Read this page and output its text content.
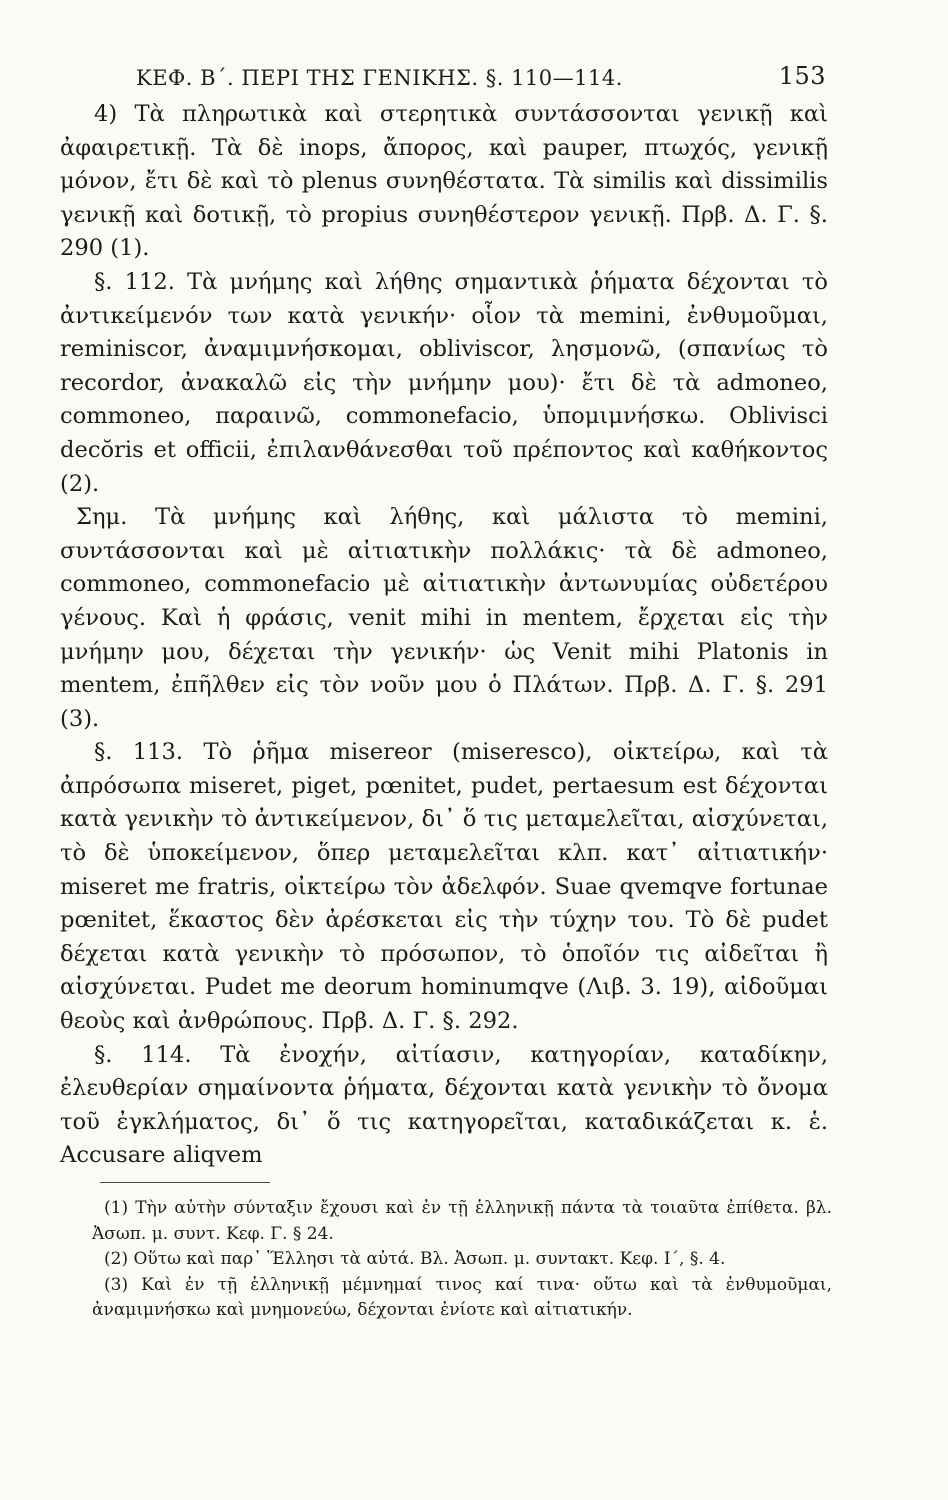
ΚΕΦ. Β΄. ΠΕΡΙ ΤΗΣ ΓΕΝΙΚΗΣ. §. 110—114.	153

4) Τὰ πληρωτικὰ καὶ στερητικὰ συντάσσονται γενικῇ καὶ ἀφαιρετικῇ. Τὰ δὲ inops, ἄπορος, καὶ pauper, πτωχός, γενικῇ μόνον, ἔτι δὲ καὶ τὸ plenus συνηθέστατα. Τὰ similis καὶ dissimilis γενικῇ καὶ δοτικῇ, τὸ propius συνηθέστερον γενικῇ. Πρβ. Δ. Γ. §. 290 (1).

§. 112. Τὰ μνήμης καὶ λήθης σημαντικὰ ῥήματα δέχονται τὸ ἀντικείμενόν των κατὰ γενικήν· οἷον τὰ memini, ἐνθυμοῦμαι, reminiscor, ἀναμιμνήσκομαι, obliviscor, λησμονῶ, (σπανίως τὸ recordor, ἀνακαλῶ εἰς τὴν μνήμην μου)· ἔτι δὲ τὰ admoneo, commoneo, παραινῶ, commonefacio, ὑπομιμνήσκω. Oblivisci decŏris et officii, ἐπιλανθάνεσθαι τοῦ πρέποντος καὶ καθήκοντος (2).

Σημ. Τὰ μνήμης καὶ λήθης, καὶ μάλιστα τὸ memini, συντάσσονται καὶ μὲ αἰτιατικὴν πολλάκις· τὰ δὲ admoneo, commoneo, commonefacio μὲ αἰτιατικὴν ἀντωνυμίας οὐδετέρου γένους. Καὶ ἡ φράσις, venit mihi in mentem, ἔρχεται εἰς τὴν μνήμην μου, δέχεται τὴν γενικήν· ὡς Venit mihi Platonis in mentem, ἐπῆλθεν εἰς τὸν νοῦν μου ὁ Πλάτων. Πρβ. Δ. Γ. §. 291 (3).

§. 113. Τὸ ῥῆμα misereor (miseresco), οἰκτείρω, καὶ τὰ ἀπρόσωπα miseret, piget, pœnitet, pudet, pertaesum est δέχονται κατὰ γενικὴν τὸ ἀντικείμενον, δι᾿ ὅ τις μεταμελεῖται, αἰσχύνεται, τὸ δὲ ὑποκείμενον, ὅπερ μεταμελεῖται κλπ. κατ᾿ αἰτιατικήν· miseret me fratris, οἰκτείρω τὸν ἀδελφόν. Suae qvemqve fortunae pœnitet, ἕκαστος δὲν ἀρέσκεται εἰς τὴν τύχην του. Τὸ δὲ pudet δέχεται κατὰ γενικὴν τὸ πρόσωπον, τὸ ὁποῖόν τις αἰδεῖται ἢ αἰσχύνεται. Pudet me deorum hominumqve (Λιβ. 3. 19), αἰδοῦμαι θεοὺς καὶ ἀνθρώπους. Πρβ. Δ. Γ. §. 292.

§. 114. Τὰ ἐνοχήν, αἰτίασιν, κατηγορίαν, καταδίκην, ἐλευθερίαν σημαίνοντα ῥήματα, δέχονται κατὰ γενικὴν τὸ ὄνομα τοῦ ἐγκλήματος, δι᾿ ὅ τις κατηγορεῖται, καταδικάζεται κ. ἑ. Accusare aliqvem

(1) Τὴν αὐτὴν σύνταξιν ἔχουσι καὶ ἐν τῇ ἑλληνικῇ πάντα τὰ τοιαῦτα ἐπίθετα. βλ. Ἀσωπ. μ. συντ. Κεφ. Γ. § 24.

(2) Οὕτω καὶ παρ᾿ Ἕλλησι τὰ αὐτά. Βλ. Ἀσωπ. μ. συντακτ. Κεφ. Ι΄, §. 4.

(3) Καὶ ἐν τῇ ἑλληνικῇ μέμνημαί τινος καί τινα· οὕτω καὶ τὰ ἐνθυμοῦμαι, ἀναμιμνήσκω καὶ μνημονεύω, δέχονται ἐνίοτε καὶ αἰτιατικήν.
